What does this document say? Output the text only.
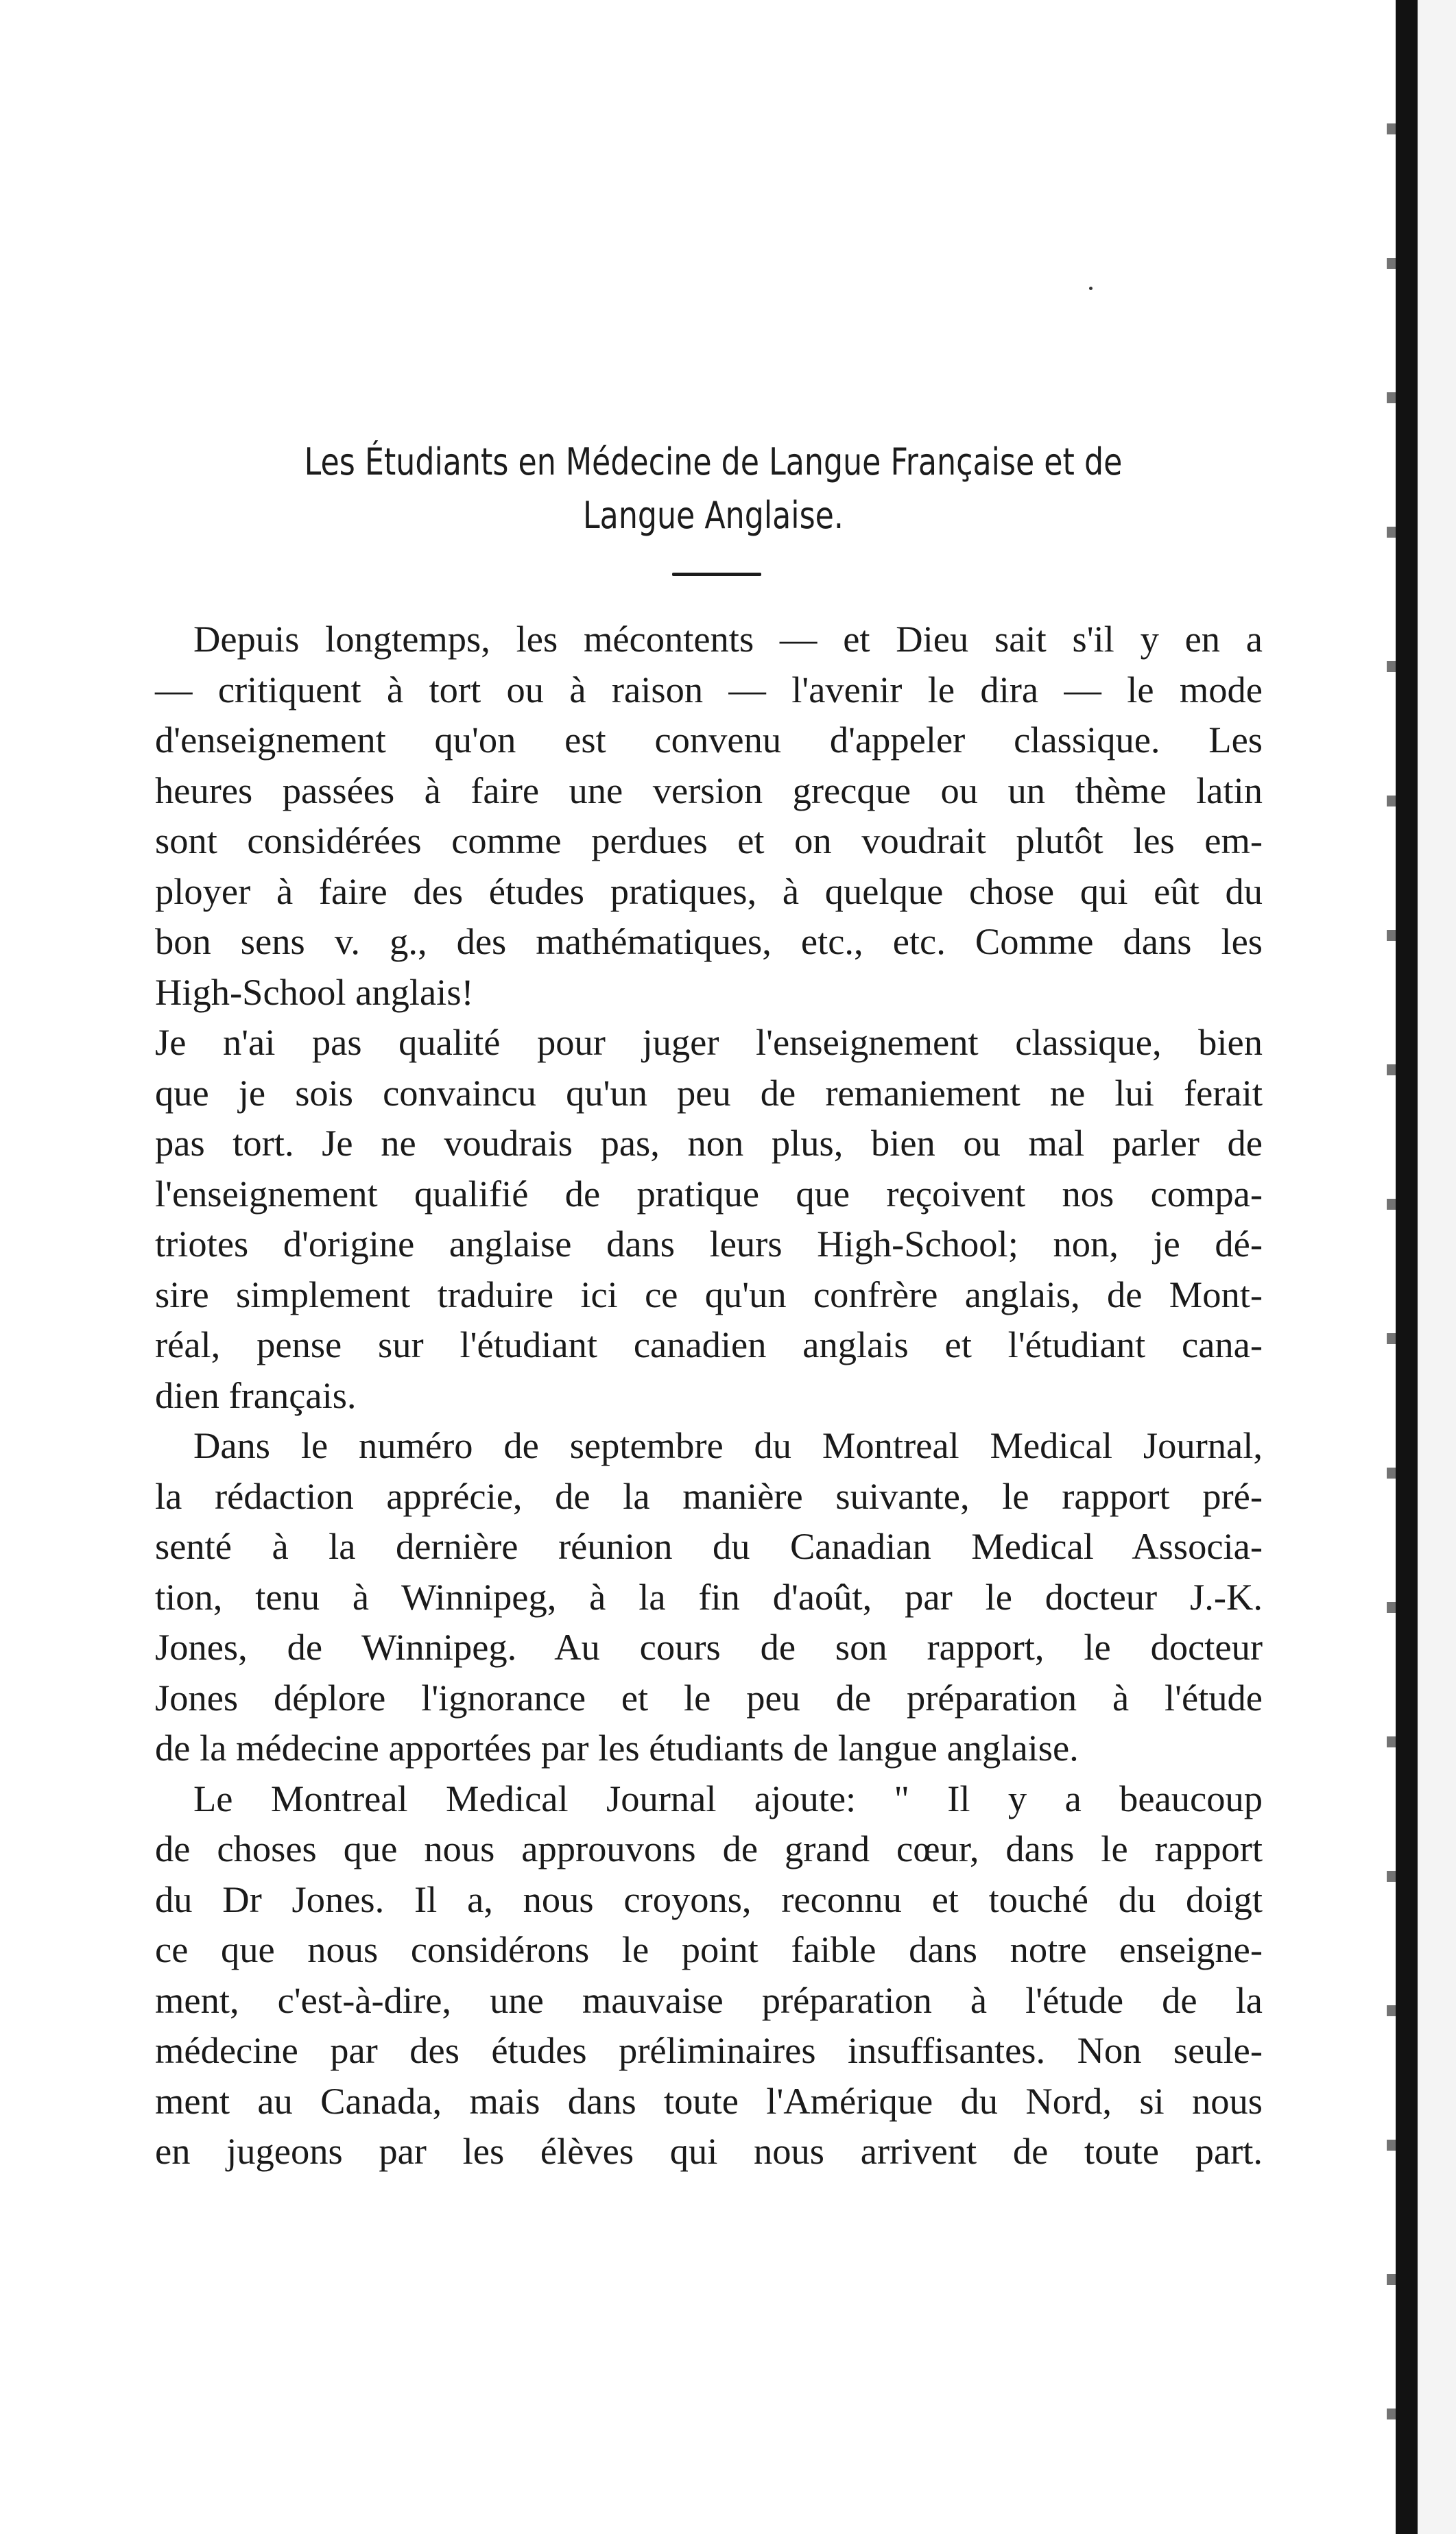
Les Étudiants en Médecine de Langue Française et de
Langue Anglaise.

Depuis longtemps, les mécontents — et Dieu sait s'il y en a
— critiquent à tort ou à raison — l'avenir le dira — le mode
d'enseignement qu'on est convenu d'appeler classique. Les
heures passées à faire une version grecque ou un thème latin
sont considérées comme perdues et on voudrait plutôt les em-
ployer à faire des études pratiques, à quelque chose qui eût du
bon sens v. g., des mathématiques, etc., etc. Comme dans les
High-School anglais!

Je n'ai pas qualité pour juger l'enseignement classique, bien
que je sois convaincu qu'un peu de remaniement ne lui ferait
pas tort. Je ne voudrais pas, non plus, bien ou mal parler de
l'enseignement qualifié de pratique que reçoivent nos compa-
triotes d'origine anglaise dans leurs High-School; non, je dé-
sire simplement traduire ici ce qu'un confrère anglais, de Mont-
réal, pense sur l'étudiant canadien anglais et l'étudiant cana-
dien français.

Dans le numéro de septembre du Montreal Medical Journal,
la rédaction apprécie, de la manière suivante, le rapport pré-
senté à la dernière réunion du Canadian Medical Associa-
tion, tenu à Winnipeg, à la fin d'août, par le docteur J.-K.
Jones, de Winnipeg. Au cours de son rapport, le docteur
Jones déplore l'ignorance et le peu de préparation à l'étude
de la médecine apportées par les étudiants de langue anglaise.

Le Montreal Medical Journal ajoute: " Il y a beaucoup
de choses que nous approuvons de grand cœur, dans le rapport
du Dr Jones. Il a, nous croyons, reconnu et touché du doigt
ce que nous considérons le point faible dans notre enseigne-
ment, c'est-à-dire, une mauvaise préparation à l'étude de la
médecine par des études préliminaires insuffisantes. Non seule-
ment au Canada, mais dans toute l'Amérique du Nord, si nous
en jugeons par les élèves qui nous arrivent de toute part.
